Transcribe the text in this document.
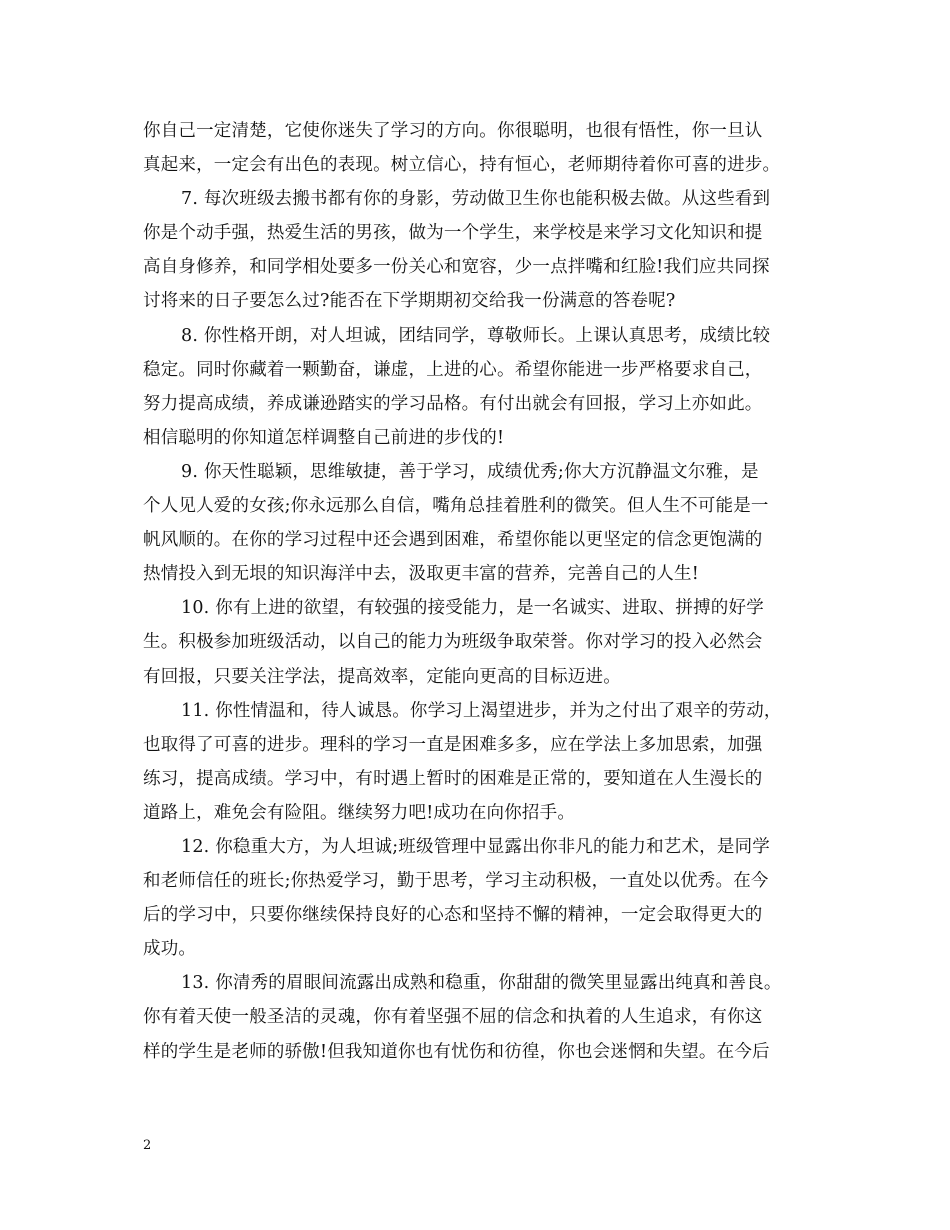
你自己一定清楚，它使你迷失了学习的方向。你很聪明，也很有悟性，你一旦认
真起来，一定会有出色的表现。树立信心，持有恒心，老师期待着你可喜的进步。
7. 每次班级去搬书都有你的身影，劳动做卫生你也能积极去做。从这些看到
你是个动手强，热爱生活的男孩，做为一个学生，来学校是来学习文化知识和提
高自身修养，和同学相处要多一份关心和宽容，少一点拌嘴和红脸!我们应共同探
讨将来的日子要怎么过?能否在下学期期初交给我一份满意的答卷呢?
8. 你性格开朗，对人坦诚，团结同学，尊敬师长。上课认真思考，成绩比较
稳定。同时你藏着一颗勤奋，谦虚，上进的心。希望你能进一步严格要求自己，
努力提高成绩，养成谦逊踏实的学习品格。有付出就会有回报，学习上亦如此。
相信聪明的你知道怎样调整自己前进的步伐的!
9. 你天性聪颖，思维敏捷，善于学习，成绩优秀;你大方沉静温文尔雅，是
个人见人爱的女孩;你永远那么自信，嘴角总挂着胜利的微笑。但人生不可能是一
帆风顺的。在你的学习过程中还会遇到困难，希望你能以更坚定的信念更饱满的
热情投入到无垠的知识海洋中去，汲取更丰富的营养，完善自己的人生!
10. 你有上进的欲望，有较强的接受能力，是一名诚实、进取、拼搏的好学
生。积极参加班级活动，以自己的能力为班级争取荣誉。你对学习的投入必然会
有回报，只要关注学法，提高效率，定能向更高的目标迈进。
11. 你性情温和，待人诚恳。你学习上渴望进步，并为之付出了艰辛的劳动，
也取得了可喜的进步。理科的学习一直是困难多多，应在学法上多加思索，加强
练习，提高成绩。学习中，有时遇上暂时的困难是正常的，要知道在人生漫长的
道路上，难免会有险阻。继续努力吧!成功在向你招手。
12. 你稳重大方，为人坦诚;班级管理中显露出你非凡的能力和艺术，是同学
和老师信任的班长;你热爱学习，勤于思考，学习主动积极，一直处以优秀。在今
后的学习中，只要你继续保持良好的心态和坚持不懈的精神，一定会取得更大的
成功。
13. 你清秀的眉眼间流露出成熟和稳重，你甜甜的微笑里显露出纯真和善良。
你有着天使一般圣洁的灵魂，你有着坚强不屈的信念和执着的人生追求，有你这
样的学生是老师的骄傲!但我知道你也有忧伤和彷徨，你也会迷惘和失望。在今后
2
